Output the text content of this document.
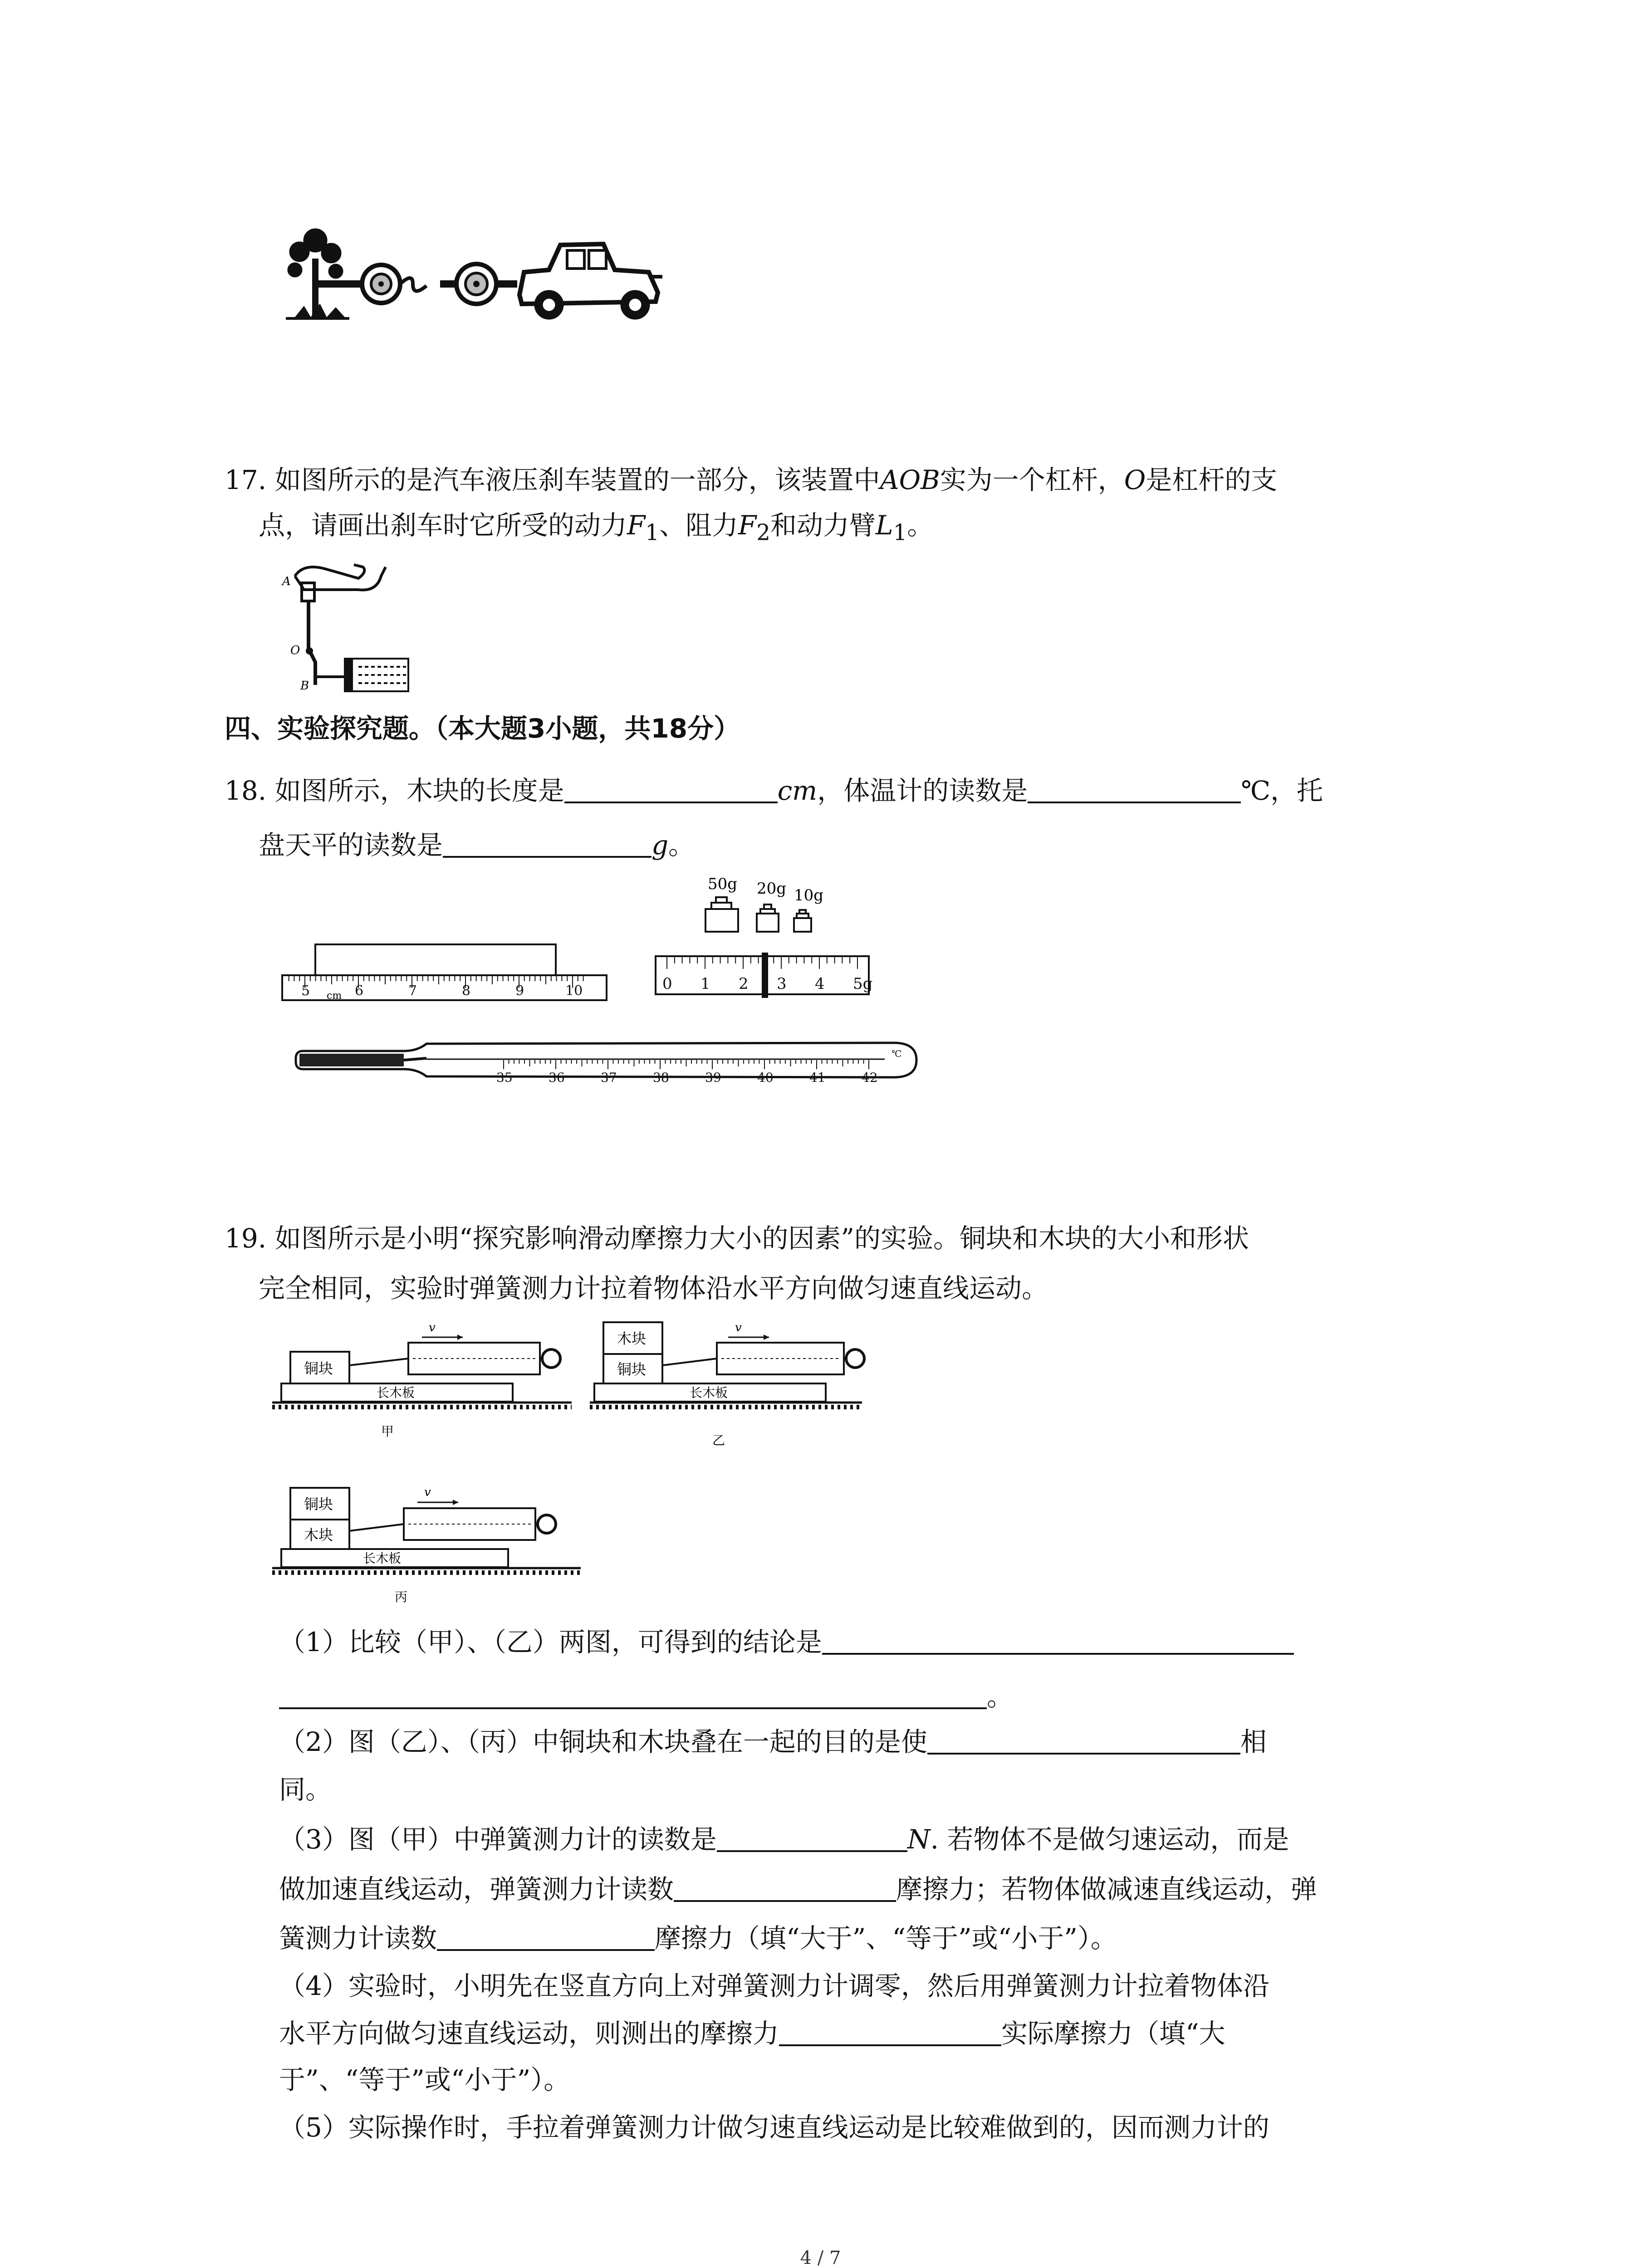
17. 如图所示的是汽车液压刹车装置的一部分，该装置中AOB实为一个杠杆，O是杠杆的支
点，请画出刹车时它所受的动力$F_1$、阻力$F_2$和动力臂$L_1$。
A
O
B
四、实验探究题。（本大题3小题，共18分）
18. 如图所示，木块的长度是	cm，体温计的读数是	℃，托
盘天平的读数是	g。
5	6	7	8	9	10
cm
50g 20g 10g
0 1 2 3 4 5g
35	36	37	38	39	40	41	42
℃
19. 如图所示是小明“探究影响滑动摩擦力大小的因素”的实验。铜块和木块的大小和形状
完全相同，实验时弹簧测力计拉着物体沿水平方向做匀速直线运动。
铜块
长木板
v
甲
木块
铜块
长木板
v
乙
铜块
木块
长木板
v
丙
（1）比较（甲）、（乙）两图，可得到的结论是
。
（2）图（乙）、（丙）中铜块和木块叠在一起的目的是使	相
同。
（3）图（甲）中弹簧测力计的读数是	N. 若物体不是做匀速运动，而是
做加速直线运动，弹簧测力计读数	摩擦力；若物体做减速直线运动，弹
簧测力计读数	摩擦力（填“大于”、“等于”或“小于”）。
（4）实验时，小明先在竖直方向上对弹簧测力计调零，然后用弹簧测力计拉着物体沿
水平方向做匀速直线运动，则测出的摩擦力	实际摩擦力（填“大
于”、“等于”或“小于”）。
（5）实际操作时，手拉着弹簧测力计做匀速直线运动是比较难做到的，因而测力计的
4 / 7
